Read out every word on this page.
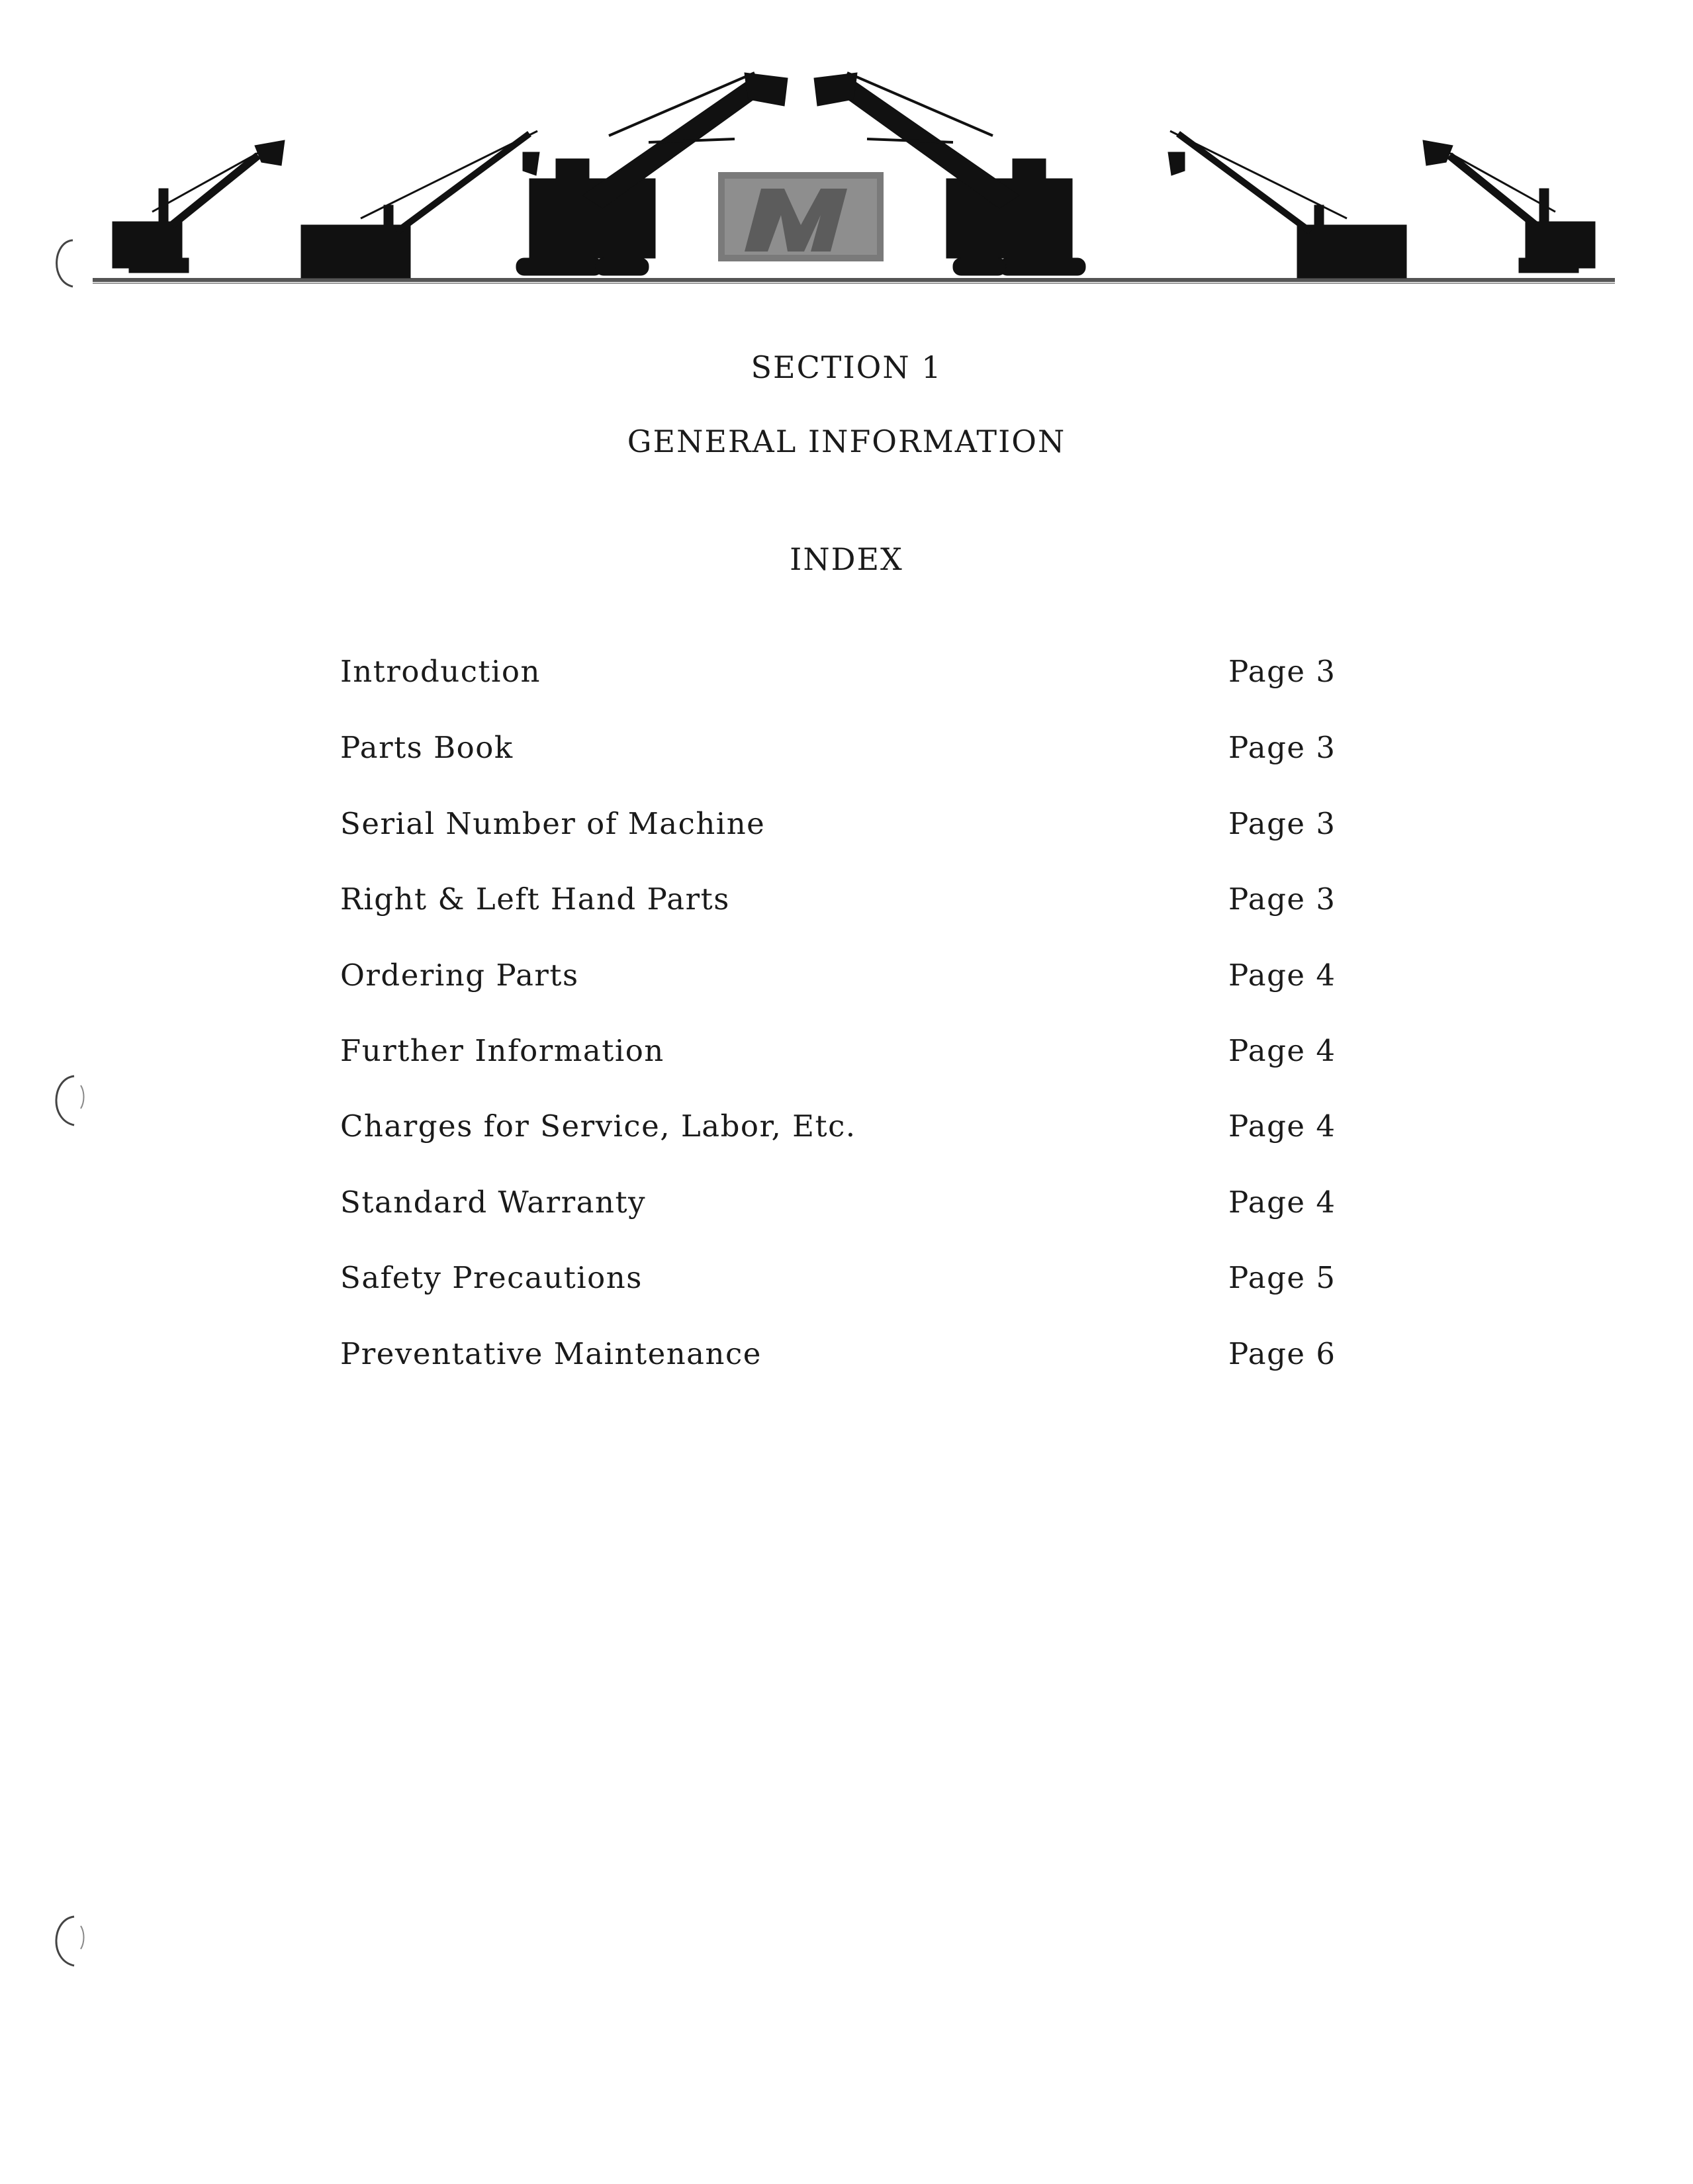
SECTION 1
GENERAL INFORMATION
INDEX
Introduction	Page 3
Parts Book	Page 3
Serial Number of Machine	Page 3
Right & Left Hand Parts	Page 3
Ordering Parts	Page 4
Further Information	Page 4
Charges for Service, Labor, Etc.	Page 4
Standard Warranty	Page 4
Safety Precautions	Page 5
Preventative Maintenance	Page 6
